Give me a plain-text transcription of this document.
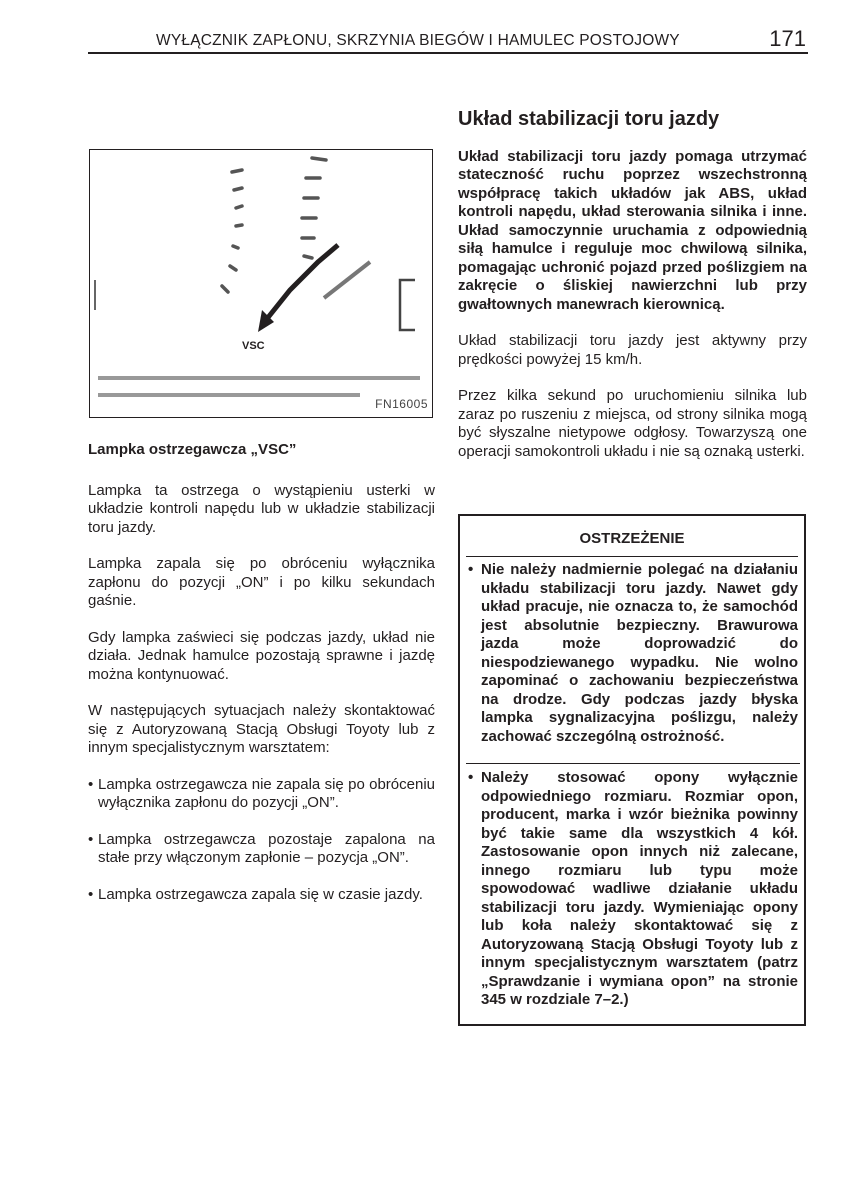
WYŁĄCZNIK ZAPŁONU, SKRZYNIA BIEGÓW I HAMULEC POSTOJOWY	171
VSC
FN16005
Lampka ostrzegawcza „VSC”

Lampka ta ostrzega o wystąpieniu usterki w układzie kontroli napędu lub w układzie stabilizacji toru jazdy.

Lampka zapala się po obróceniu wyłącznika zapłonu do pozycji „ON” i po kilku sekundach gaśnie.

Gdy lampka zaświeci się podczas jazdy, układ nie działa. Jednak hamulce pozostają sprawne i jazdę można kontynuować.

W następujących sytuacjach należy skontaktować się z Autoryzowaną Stacją Obsługi Toyoty lub z innym specjalistycznym warsztatem:

• Lampka ostrzegawcza nie zapala się po obróceniu wyłącznika zapłonu do pozycji „ON”.
• Lampka ostrzegawcza pozostaje zapalona na stałe przy włączonym zapłonie – pozycja „ON”.
• Lampka ostrzegawcza zapala się w czasie jazdy.
Układ stabilizacji toru jazdy

Układ stabilizacji toru jazdy pomaga utrzymać stateczność ruchu poprzez wszechstronną współpracę takich układów jak ABS, układ kontroli napędu, układ sterowania silnika i inne. Układ samoczynnie uruchamia z odpowiednią siłą hamulce i reguluje moc chwilową silnika, pomagając uchronić pojazd przed poślizgiem na zakręcie o śliskiej nawierzchni lub przy gwałtownych manewrach kierownicą.

Układ stabilizacji toru jazdy jest aktywny przy prędkości powyżej 15 km/h.

Przez kilka sekund po uruchomieniu silnika lub zaraz po ruszeniu z miejsca, od strony silnika mogą być słyszalne nietypowe odgłosy. Towarzyszą one operacji samokontroli układu i nie są oznaką usterki.

OSTRZEŻENIE
• Nie należy nadmiernie polegać na działaniu układu stabilizacji toru jazdy. Nawet gdy układ pracuje, nie oznacza to, że samochód jest absolutnie bezpieczny. Brawurowa jazda może doprowadzić do niespodziewanego wypadku. Nie wolno zapominać o zachowaniu bezpieczeństwa na drodze. Gdy podczas jazdy błyska lampka sygnalizacyjna poślizgu, należy zachować szczególną ostrożność.
• Należy stosować opony wyłącznie odpowiedniego rozmiaru. Rozmiar opon, producent, marka i wzór bieżnika powinny być takie same dla wszystkich 4 kół. Zastosowanie opon innych niż zalecane, innego rozmiaru lub typu może spowodować wadliwe działanie układu stabilizacji toru jazdy. Wymieniając opony lub koła należy skontaktować się z Autoryzowaną Stacją Obsługi Toyoty lub z innym specjalistycznym warsztatem (patrz „Sprawdzanie i wymiana opon” na stronie 345 w rozdziale 7–2.)
